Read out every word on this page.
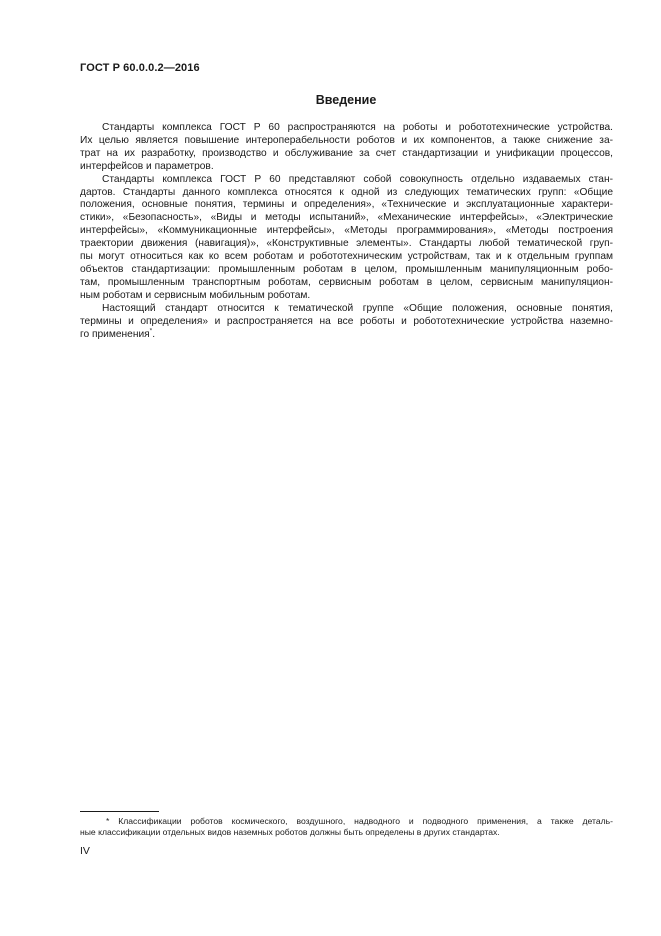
ГОСТ Р 60.0.0.2—2016
Введение
Стандарты комплекса ГОСТ Р 60 распространяются на роботы и робототехнические устройства.
Их целью является повышение интероперабельности роботов и их компонентов, а также снижение за-
трат на их разработку, производство и обслуживание за счет стандартизации и унификации процессов,
интерфейсов и параметров.
Стандарты комплекса ГОСТ Р 60 представляют собой совокупность отдельно издаваемых стан-
дартов. Стандарты данного комплекса относятся к одной из следующих тематических групп: «Общие
положения, основные понятия, термины и определения», «Технические и эксплуатационные характери-
стики», «Безопасность», «Виды и методы испытаний», «Механические интерфейсы», «Электрические
интерфейсы», «Коммуникационные интерфейсы», «Методы программирования», «Методы построения
траектории движения (навигация)», «Конструктивные элементы». Стандарты любой тематической груп-
пы могут относиться как ко всем роботам и робототехническим устройствам, так и к отдельным группам
объектов стандартизации: промышленным роботам в целом, промышленным манипуляционным робо-
там, промышленным транспортным роботам, сервисным роботам в целом, сервисным манипуляцион-
ным роботам и сервисным мобильным роботам.
Настоящий стандарт относится к тематической группе «Общие положения, основные понятия,
термины и определения» и распространяется на все роботы и робототехнические устройства наземно-
го применения*.
* Классификации роботов космического, воздушного, надводного и подводного применения, а также деталь-
ные классификации отдельных видов наземных роботов должны быть определены в других стандартах.
IV
